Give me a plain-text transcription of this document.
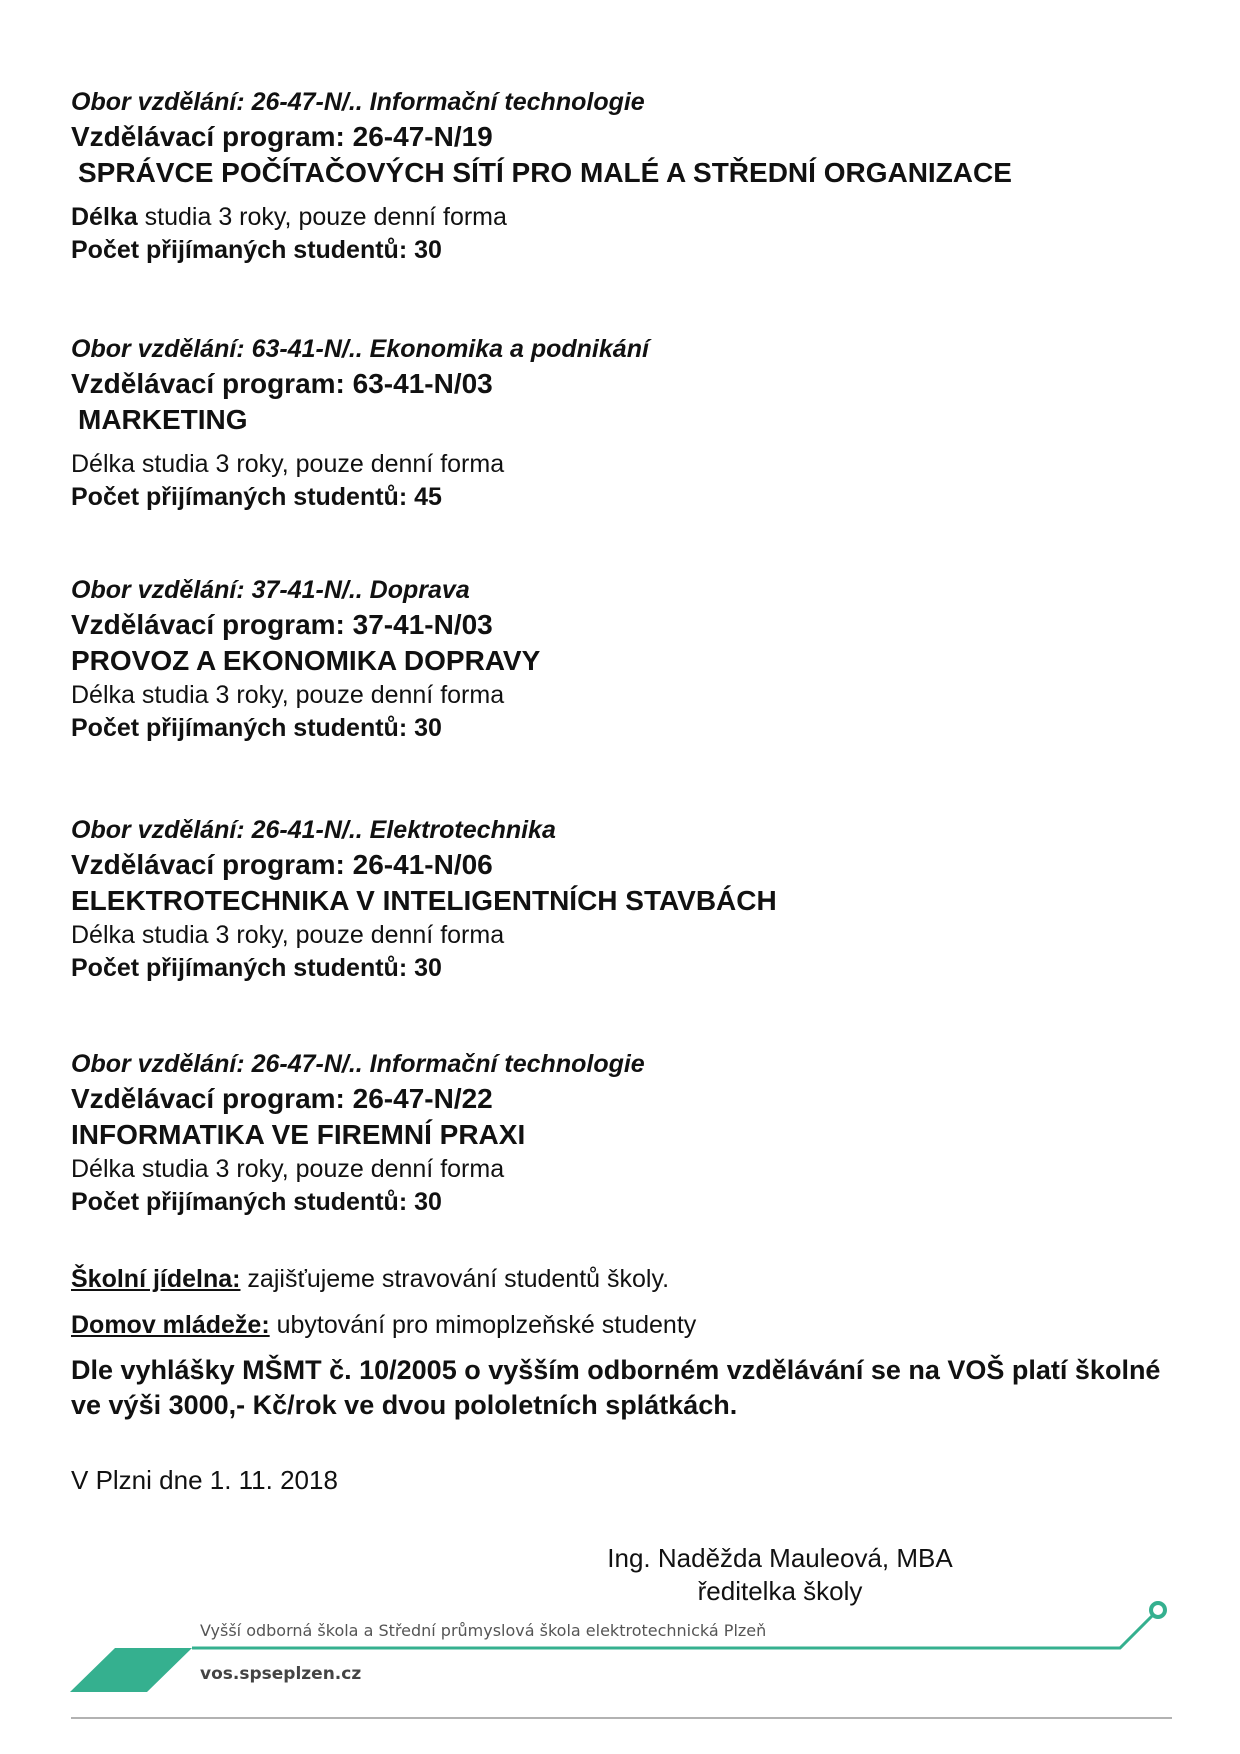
Obor vzdělání: 26-47-N/.. Informační technologie

Vzdělávací program: 26-47-N/19

SPRÁVCE POČÍTAČOVÝCH SÍTÍ PRO MALÉ A STŘEDNÍ ORGANIZACE

Délka studia 3 roky, pouze denní forma

Počet přijímaných studentů: 30

Obor vzdělání: 63-41-N/.. Ekonomika a podnikání

Vzdělávací program: 63-41-N/03

MARKETING

Délka studia 3 roky, pouze denní forma

Počet přijímaných studentů: 45

Obor vzdělání: 37-41-N/.. Doprava

Vzdělávací program: 37-41-N/03

PROVOZ A EKONOMIKA DOPRAVY

Délka studia 3 roky, pouze denní forma

Počet přijímaných studentů: 30

Obor vzdělání: 26-41-N/.. Elektrotechnika

Vzdělávací program: 26-41-N/06

ELEKTROTECHNIKA V INTELIGENTNÍCH STAVBÁCH

Délka studia 3 roky, pouze denní forma

Počet přijímaných studentů: 30

Obor vzdělání: 26-47-N/.. Informační technologie

Vzdělávací program: 26-47-N/22

INFORMATIKA VE FIREMNÍ PRAXI

Délka studia 3 roky, pouze denní forma

Počet přijímaných studentů: 30

Školní jídelna: zajišťujeme stravování studentů školy.

Domov mládeže: ubytování pro mimoplzeňské studenty

Dle vyhlášky MŠMT č. 10/2005 o vyšším odborném vzdělávání se na VOŠ platí školné ve výši 3000,- Kč/rok ve dvou pololetních splátkách.

V Plzni dne 1. 11. 2018

Ing. Naděžda Mauleová, MBA
ředitelka školy
Vyšší odborná škola a Střední průmyslová škola elektrotechnická Plzeň
vos.spseplzen.cz
